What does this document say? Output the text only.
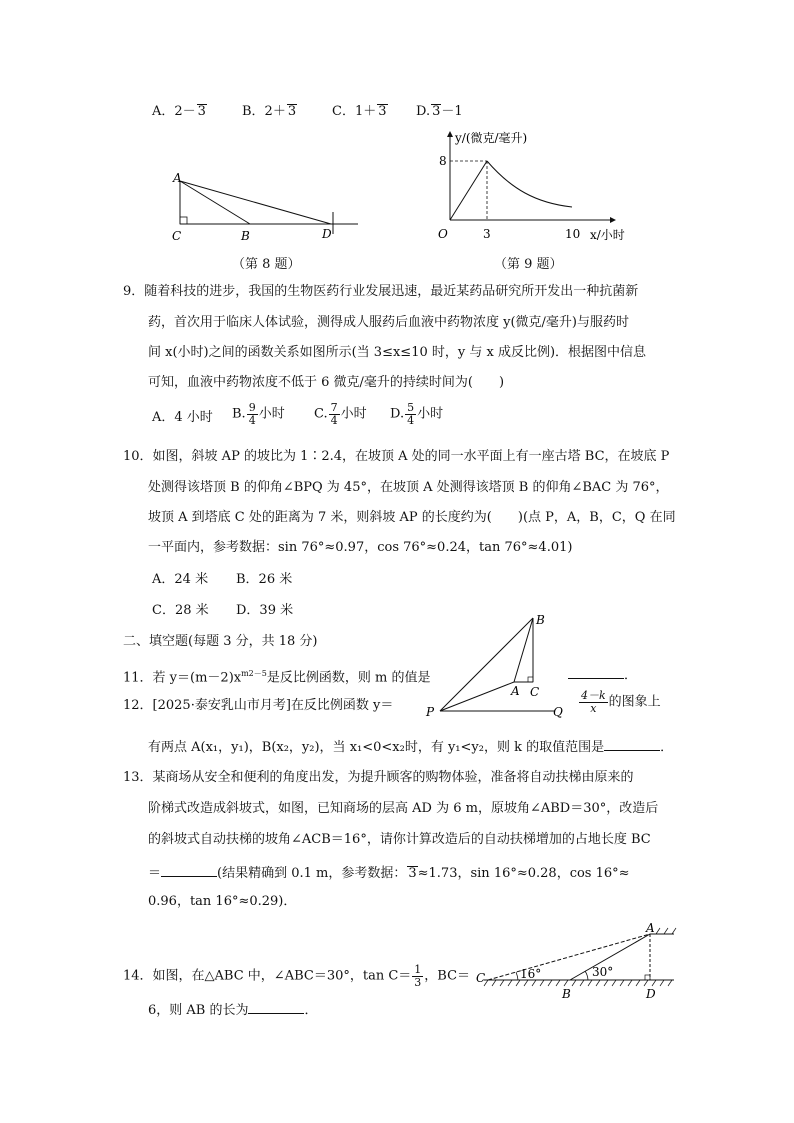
A．2－ 3	B．2＋ 3	C．1＋ 3 D. 3－1
A
C	B	D
（第 8 题）
y/(微克/毫升)
8
O	3	10 x/小时
（第 9 题）
9．随着科技的进步，我国的生物医药行业发展迅速，最近某药品研究所开发出一种抗菌新
药，首次用于临床人体试验，测得成人服药后血液中药物浓度 y(微克/毫升)与服药时
间 x(小时)之间的函数关系如图所示(当 3≤x≤10 时，y 与 x 成反比例)．根据图中信息
可知，血液中药物浓度不低于 6 微克/毫升的持续时间为(　　)
A．4 小时 B. $\frac{9}{4}$ 小时 C. $\frac{7}{4}$ 小时 D. $\frac{5}{4}$ 小时
10．如图，斜坡 AP 的坡比为 1∶2.4，在坡顶 A 处的同一水平面上有一座古塔 BC，在坡底 P
处测得该塔顶 B 的仰角∠BPQ 为 45°，在坡顶 A 处测得该塔顶 B 的仰角∠BAC 为 76°，
坡顶 A 到塔底 C 处的距离为 7 米，则斜坡 AP 的长度约为(　　)(点 P，A，B，C，Q 在同
一平面内，参考数据：sin 76°≈0.97，cos 76°≈0.24，tan 76°≈4.01)
A．24 米 B．26 米
C．28 米 D．39 米
B
A C
P	Q
二、填空题(每题 3 分，共 18 分)
11．若 $y=(m-2)x^{m2-5}$是反比例函数，则 m 的值是	．
12．[2025·泰安乳山市月考]在反比例函数 y＝	$\frac{4-k}{x}$ 的图象上
有两点 A(x₁，y₁)，B(x₂，y₂)，当 x₁<0<x₂时，有 y₁<y₂，则 k 的取值范围是	．
13．某商场从安全和便利的角度出发，为提升顾客的购物体验，准备将自动扶梯由原来的
阶梯式改造成斜坡式，如图，已知商场的层高 AD 为 6 m，原坡角∠ABD＝30°，改造后
的斜坡式自动扶梯的坡角∠ACB＝16°，请你计算改造后的自动扶梯增加的占地长度 BC
＝	(结果精确到 0.1 m，参考数据： 3≈1.73，sin 16°≈0.28，cos 16°≈
0.96，tan 16°≈0.29)．
16°	30°
A
C
B	D
14．如图，在△ABC 中，∠ABC＝30°，$\tan C= \frac{1}{3}$ ，BC＝
6，则 AB 的长为	．
